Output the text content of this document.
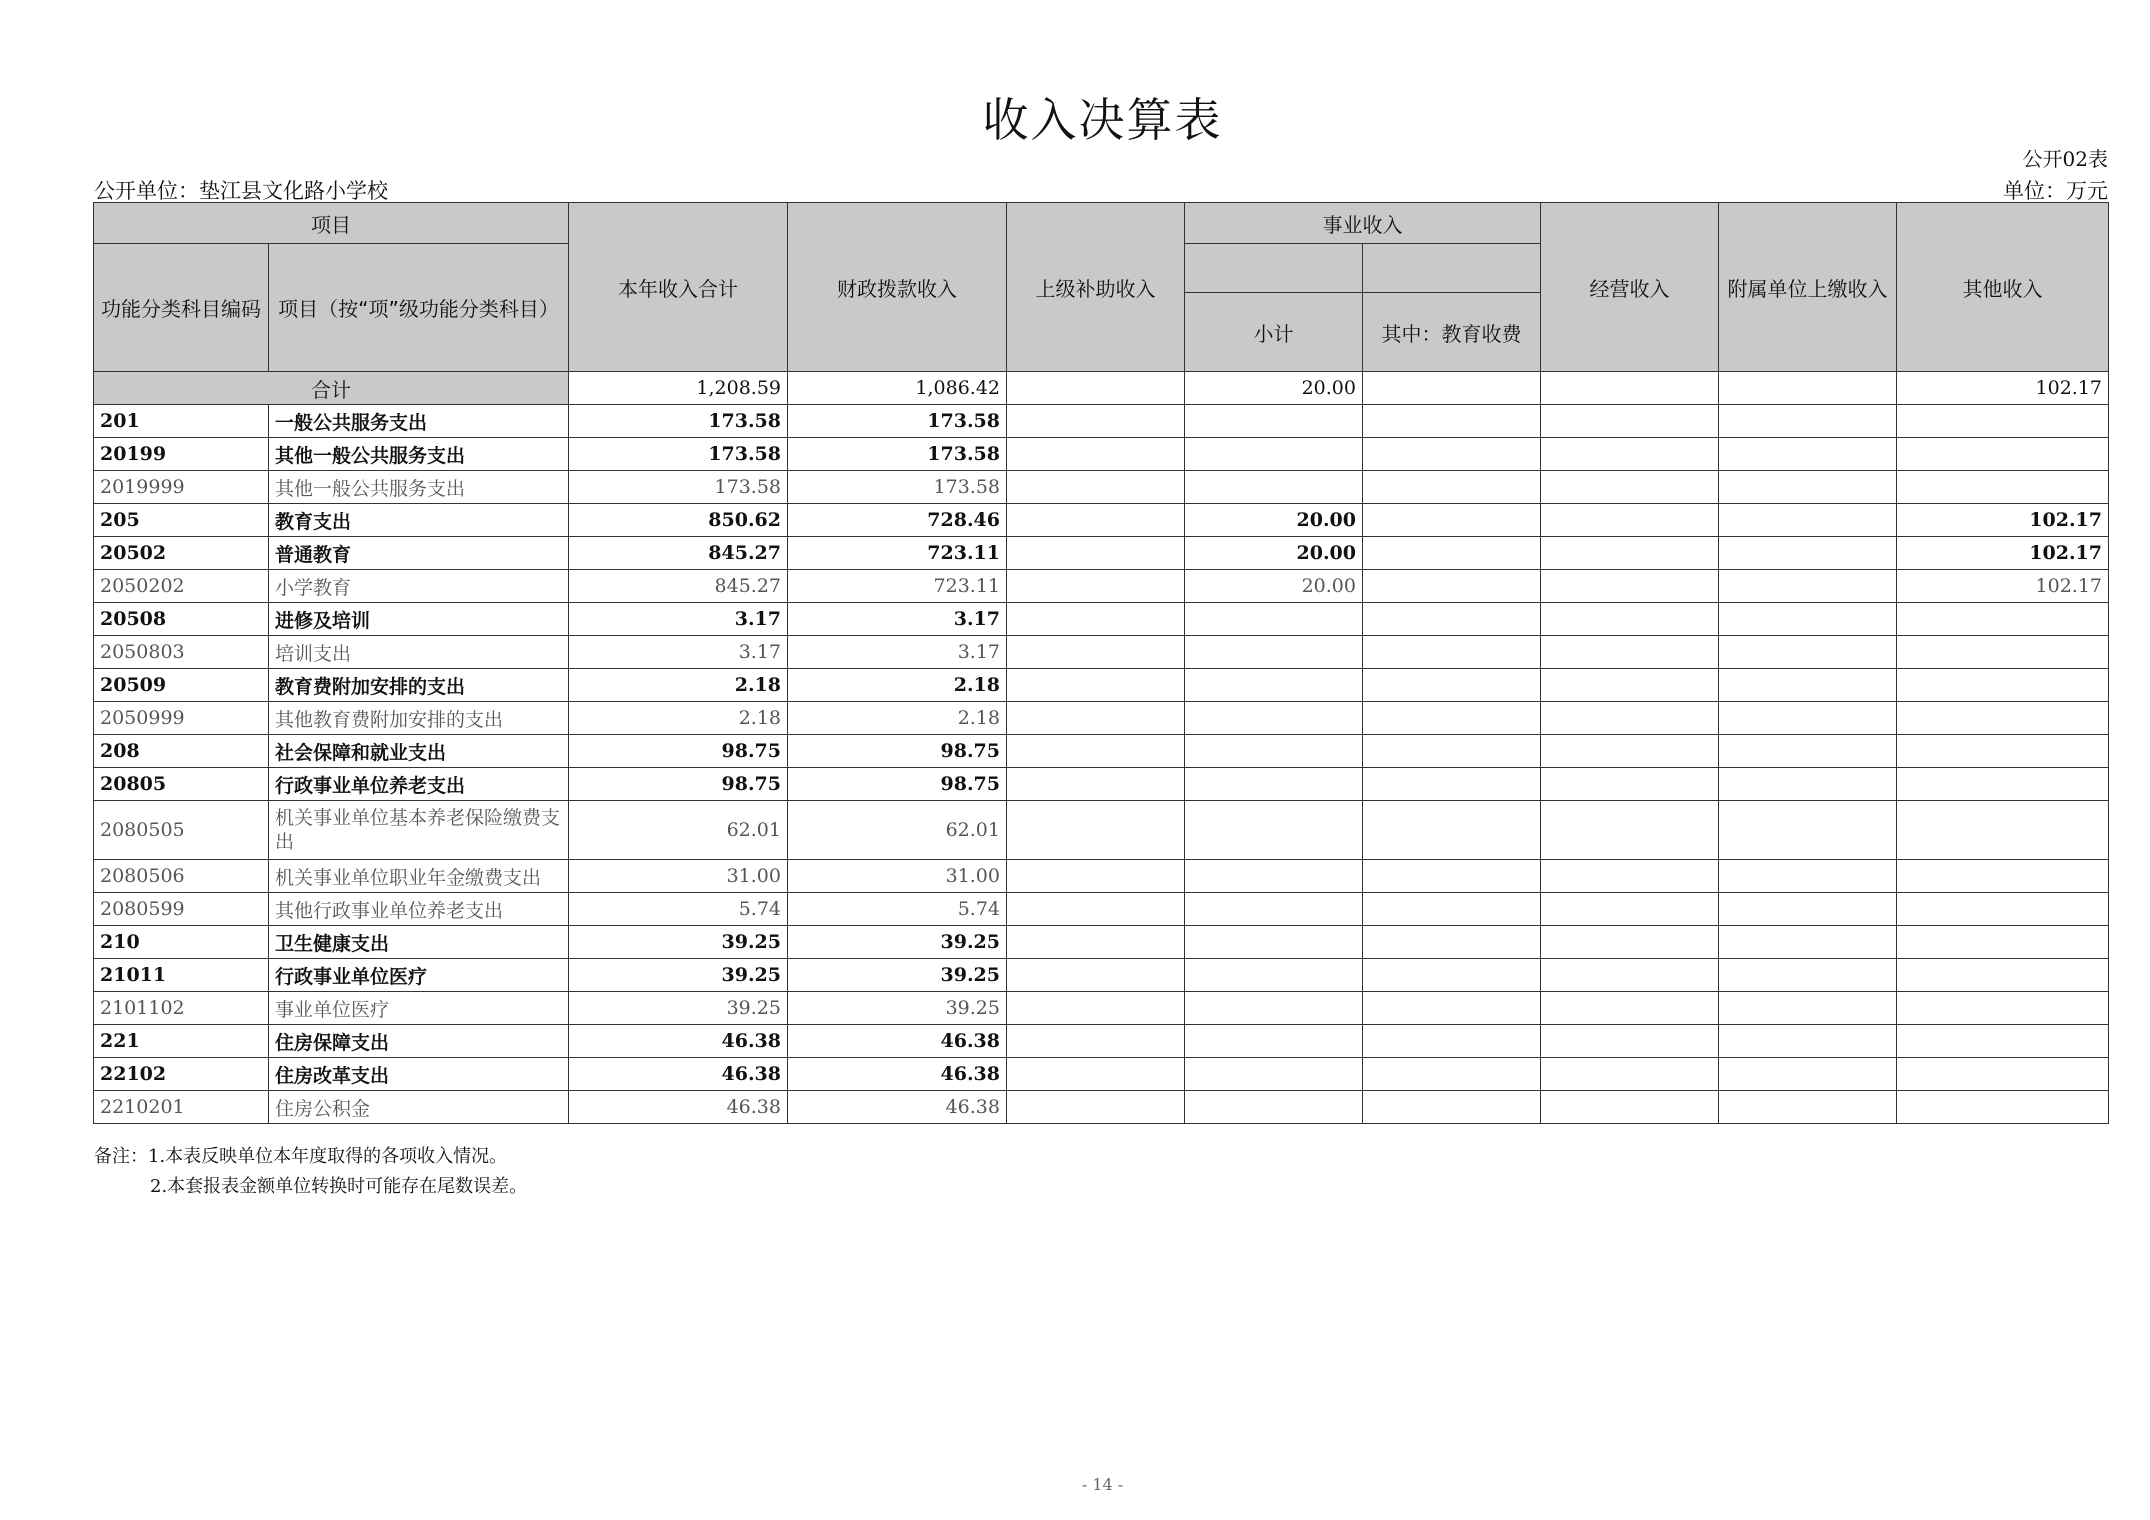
收入决算表
公开02表
公开单位：垫江县文化路小学校	单位：万元
项目		本年收入合计	财政拨款收入	上级补助收入	事业收入		经营收入	附属单位上缴收入	其他收入
功能分类科目编码	项目（按“项”级功能分类科目）								
					小计	其中：教育收费			
合计		1,208.59	1,086.42		20.00				102.17
201	一般公共服务支出	173.58	173.58						
20199	其他一般公共服务支出	173.58	173.58						
2019999	其他一般公共服务支出	173.58	173.58						
205	教育支出	850.62	728.46		20.00				102.17
20502	普通教育	845.27	723.11		20.00				102.17
2050202	小学教育	845.27	723.11		20.00				102.17
20508	进修及培训	3.17	3.17						
2050803	培训支出	3.17	3.17						
20509	教育费附加安排的支出	2.18	2.18						
2050999	其他教育费附加安排的支出	2.18	2.18						
208	社会保障和就业支出	98.75	98.75						
20805	行政事业单位养老支出	98.75	98.75						
2080505	机关事业单位基本养老保险缴费支出	62.01	62.01						
2080506	机关事业单位职业年金缴费支出	31.00	31.00						
2080599	其他行政事业单位养老支出	5.74	5.74						
210	卫生健康支出	39.25	39.25						
21011	行政事业单位医疗	39.25	39.25						
2101102	事业单位医疗	39.25	39.25						
221	住房保障支出	46.38	46.38						
22102	住房改革支出	46.38	46.38						
2210201	住房公积金	46.38	46.38						
备注：1.本表反映单位本年度取得的各项收入情况。
2.本套报表金额单位转换时可能存在尾数误差。
- 14 -
